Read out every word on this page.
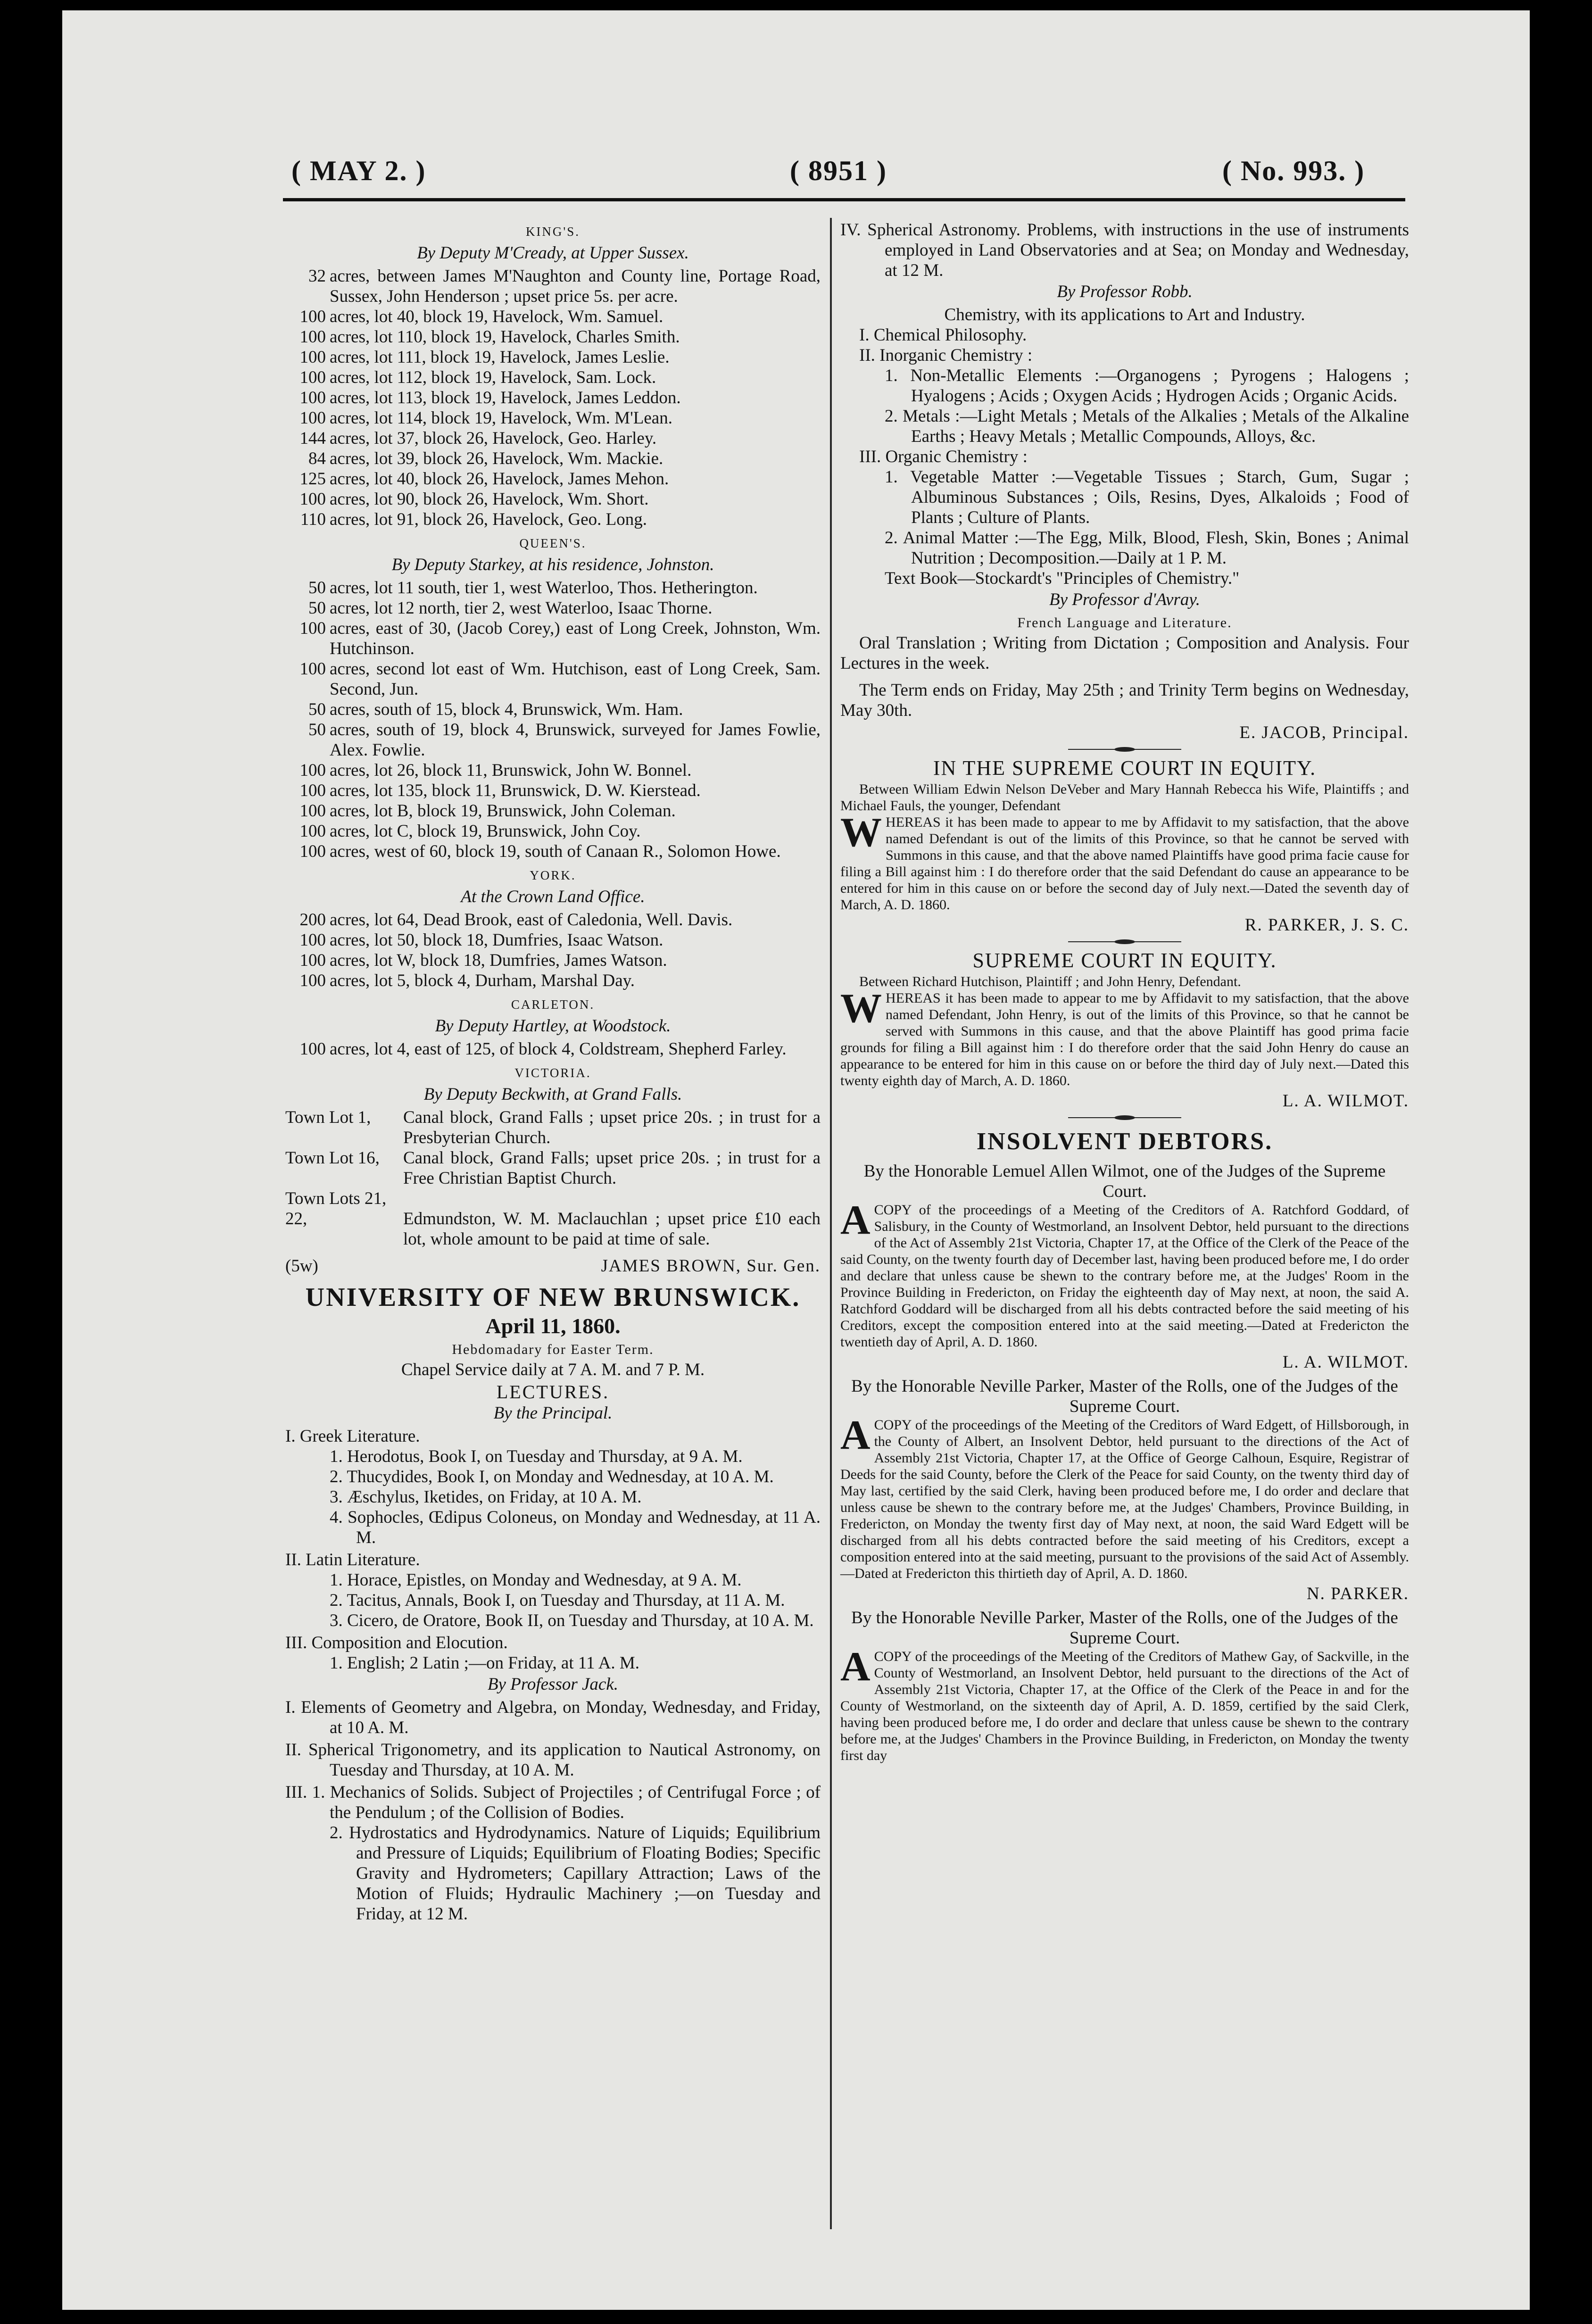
( MAY 2. )	( 8951 )	( No. 993. )
KING'S.
By Deputy M'Cready, at Upper Sussex.
32 acres, between James M'Naughton and County line, Portage Road, Sussex, John Henderson ; upset price 5s. per acre.
100 acres, lot 40, block 19, Havelock, Wm. Samuel.
100 acres, lot 110, block 19, Havelock, Charles Smith.
100 acres, lot 111, block 19, Havelock, James Leslie.
100 acres, lot 112, block 19, Havelock, Sam. Lock.
100 acres, lot 113, block 19, Havelock, James Leddon.
100 acres, lot 114, block 19, Havelock, Wm. M'Lean.
144 acres, lot 37, block 26, Havelock, Geo. Harley.
84 acres, lot 39, block 26, Havelock, Wm. Mackie.
125 acres, lot 40, block 26, Havelock, James Mehon.
100 acres, lot 90, block 26, Havelock, Wm. Short.
110 acres, lot 91, block 26, Havelock, Geo. Long.
QUEEN'S.
By Deputy Starkey, at his residence, Johnston.
50 acres, lot 11 south, tier 1, west Waterloo, Thos. Hetherington.
50 acres, lot 12 north, tier 2, west Waterloo, Isaac Thorne.
100 acres, east of 30, (Jacob Corey,) east of Long Creek, Johnston, Wm. Hutchinson.
100 acres, second lot east of Wm. Hutchison, east of Long Creek, Sam. Second, Jun.
50 acres, south of 15, block 4, Brunswick, Wm. Ham.
50 acres, south of 19, block 4, Brunswick, surveyed for James Fowlie, Alex. Fowlie.
100 acres, lot 26, block 11, Brunswick, John W. Bonnel.
100 acres, lot 135, block 11, Brunswick, D. W. Kierstead.
100 acres, lot B, block 19, Brunswick, John Coleman.
100 acres, lot C, block 19, Brunswick, John Coy.
100 acres, west of 60, block 19, south of Canaan R., Solomon Howe.
YORK.
At the Crown Land Office.
200 acres, lot 64, Dead Brook, east of Caledonia, Well. Davis.
100 acres, lot 50, block 18, Dumfries, Isaac Watson.
100 acres, lot W, block 18, Dumfries, James Watson.
100 acres, lot 5, block 4, Durham, Marshal Day.
CARLETON.
By Deputy Hartley, at Woodstock.
100 acres, lot 4, east of 125, of block 4, Coldstream, Shepherd Farley.
VICTORIA.
By Deputy Beckwith, at Grand Falls.
Town Lot 1, Canal block, Grand Falls ; upset price 20s. ; in trust for a Presbyterian Church.
Town Lot 16, Canal block, Grand Falls; upset price 20s. ; in trust for a Free Christian Baptist Church.
Town Lots 21, 22,	Edmundston, W. M. Maclauchlan ; upset price £10 each lot, whole amount to be paid at time of sale.
(5w)	JAMES BROWN, Sur. Gen.
UNIVERSITY OF NEW BRUNSWICK.
April 11, 1860.
Hebdomadary for Easter Term.
Chapel Service daily at 7 A. M. and 7 P. M.
LECTURES.
By the Principal.
I. Greek Literature.
1. Herodotus, Book I, on Tuesday and Thursday, at 9 A. M.
2. Thucydides, Book I, on Monday and Wednesday, at 10 A. M.
3. Æschylus, Iketides, on Friday, at 10 A. M.
4. Sophocles, Œdipus Coloneus, on Monday and Wednesday, at 11 A. M.
II. Latin Literature.
1. Horace, Epistles, on Monday and Wednesday, at 9 A. M.
2. Tacitus, Annals, Book I, on Tuesday and Thursday, at 11 A. M.
3. Cicero, de Oratore, Book II, on Tuesday and Thursday, at 10 A. M.
III. Composition and Elocution.
1. English; 2 Latin ;—on Friday, at 11 A. M.
By Professor Jack.
I. Elements of Geometry and Algebra, on Monday, Wednesday, and Friday, at 10 A. M.
II. Spherical Trigonometry, and its application to Nautical Astronomy, on Tuesday and Thursday, at 10 A. M.
III. 1. Mechanics of Solids. Subject of Projectiles ; of Centrifugal Force ; of the Pendulum ; of the Collision of Bodies.
2. Hydrostatics and Hydrodynamics. Nature of Liquids; Equilibrium and Pressure of Liquids; Equilibrium of Floating Bodies; Specific Gravity and Hydrometers; Capillary Attraction; Laws of the Motion of Fluids; Hydraulic Machinery ;—on Tuesday and Friday, at 12 M.
IV. Spherical Astronomy. Problems, with instructions in the use of instruments employed in Land Observatories and at Sea; on Monday and Wednesday, at 12 M.
By Professor Robb.
Chemistry, with its applications to Art and Industry.
I. Chemical Philosophy.
II. Inorganic Chemistry :
1. Non-Metallic Elements :—Organogens ; Pyrogens ; Halogens ; Hyalogens ; Acids ; Oxygen Acids ; Hydrogen Acids ; Organic Acids.
2. Metals :—Light Metals ; Metals of the Alkalies ; Metals of the Alkaline Earths ; Heavy Metals ; Metallic Compounds, Alloys, &c.
III. Organic Chemistry :
1. Vegetable Matter :—Vegetable Tissues ; Starch, Gum, Sugar ; Albuminous Substances ; Oils, Resins, Dyes, Alkaloids ; Food of Plants ; Culture of Plants.
2. Animal Matter :—The Egg, Milk, Blood, Flesh, Skin, Bones ; Animal Nutrition ; Decomposition.—Daily at 1 P. M.
Text Book—Stockardt's "Principles of Chemistry."
By Professor d'Avray.
French Language and Literature.
Oral Translation ; Writing from Dictation ; Composition and Analysis. Four Lectures in the week.
The Term ends on Friday, May 25th ; and Trinity Term begins on Wednesday, May 30th.
E. JACOB, Principal.
IN THE SUPREME COURT IN EQUITY.
Between William Edwin Nelson DeVeber and Mary Hannah Rebecca his Wife, Plaintiffs ; and Michael Fauls, the younger, Defendant
WHEREAS it has been made to appear to me by Affidavit to my satisfaction, that the above named Defendant is out of the limits of this Province, so that he cannot be served with Summons in this cause, and that the above named Plaintiffs have good prima facie cause for filing a Bill against him : I do therefore order that the said Defendant do cause an appearance to be entered for him in this cause on or before the second day of July next.—Dated the seventh day of March, A. D. 1860.
R. PARKER, J. S. C.
SUPREME COURT IN EQUITY.
Between Richard Hutchison, Plaintiff ; and John Henry, Defendant.
WHEREAS it has been made to appear to me by Affidavit to my satisfaction, that the above named Defendant, John Henry, is out of the limits of this Province, so that he cannot be served with Summons in this cause, and that the above Plaintiff has good prima facie grounds for filing a Bill against him : I do therefore order that the said John Henry do cause an appearance to be entered for him in this cause on or before the third day of July next.—Dated this twenty eighth day of March, A. D. 1860.
L. A. WILMOT.
INSOLVENT DEBTORS.
By the Honorable Lemuel Allen Wilmot, one of the Judges of the Supreme Court.
ACOPY of the proceedings of a Meeting of the Creditors of A. Ratchford Goddard, of Salisbury, in the County of Westmorland, an Insolvent Debtor, held pursuant to the directions of the Act of Assembly 21st Victoria, Chapter 17, at the Office of the Clerk of the Peace of the said County, on the twenty fourth day of December last, having been produced before me, I do order and declare that unless cause be shewn to the contrary before me, at the Judges' Room in the Province Building in Fredericton, on Friday the eighteenth day of May next, at noon, the said A. Ratchford Goddard will be discharged from all his debts contracted before the said meeting of his Creditors, except the composition entered into at the said meeting.—Dated at Fredericton the twentieth day of April, A. D. 1860.
L. A. WILMOT.
By the Honorable Neville Parker, Master of the Rolls, one of the Judges of the Supreme Court.
ACOPY of the proceedings of the Meeting of the Creditors of Ward Edgett, of Hillsborough, in the County of Albert, an Insolvent Debtor, held pursuant to the directions of the Act of Assembly 21st Victoria, Chapter 17, at the Office of George Calhoun, Esquire, Registrar of Deeds for the said County, before the Clerk of the Peace for said County, on the twenty third day of May last, certified by the said Clerk, having been produced before me, I do order and declare that unless cause be shewn to the contrary before me, at the Judges' Chambers, Province Building, in Fredericton, on Monday the twenty first day of May next, at noon, the said Ward Edgett will be discharged from all his debts contracted before the said meeting of his Creditors, except a composition entered into at the said meeting, pursuant to the provisions of the said Act of Assembly.—Dated at Fredericton this thirtieth day of April, A. D. 1860.
N. PARKER.
By the Honorable Neville Parker, Master of the Rolls, one of the Judges of the Supreme Court.
ACOPY of the proceedings of the Meeting of the Creditors of Mathew Gay, of Sackville, in the County of Westmorland, an Insolvent Debtor, held pursuant to the directions of the Act of Assembly 21st Victoria, Chapter 17, at the Office of the Clerk of the Peace in and for the County of Westmorland, on the sixteenth day of April, A. D. 1859, certified by the said Clerk, having been produced before me, I do order and declare that unless cause be shewn to the contrary before me, at the Judges' Chambers in the Province Building, in Fredericton, on Monday the twenty first day
